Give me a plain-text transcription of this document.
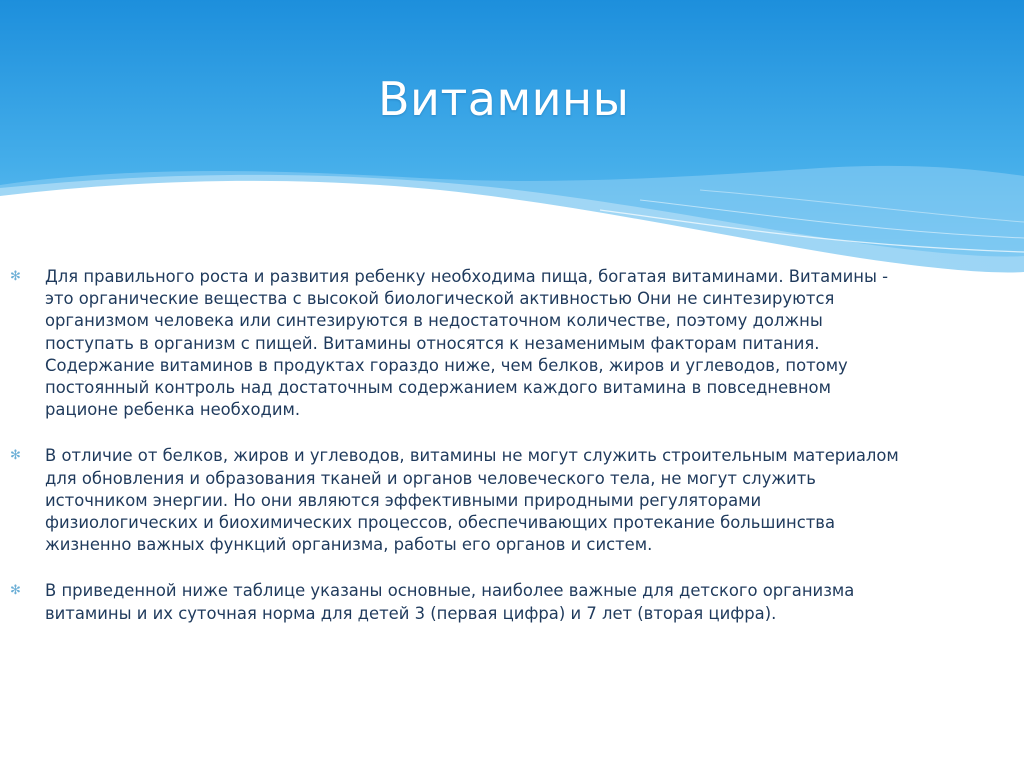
Витамины
✻ Для правильного роста и развития ребенку необходима пища, богатая витаминами. Витамины -
это органические вещества с высокой биологической активностью Они не синтезируются
организмом человека или синтезируются в недостаточном количестве, поэтому должны
поступать в организм с пищей. Витамины относятся к незаменимым факторам питания.
Содержание витаминов в продуктах гораздо ниже, чем белков, жиров и углеводов, потому
постоянный контроль над достаточным содержанием каждого витамина в повседневном
рационе ребенка необходим.

✻ В отличие от белков, жиров и углеводов, витамины не могут служить строительным материалом
для обновления и образования тканей и органов человеческого тела, не могут служить
источником энергии. Но они являются эффективными природными регуляторами
физиологических и биохимических процессов, обеспечивающих протекание большинства
жизненно важных функций организма, работы его органов и систем.

✻ В приведенной ниже таблице указаны основные, наиболее важные для детского организма
витамины и их суточная норма для детей 3 (первая цифра) и 7 лет (вторая цифра).
